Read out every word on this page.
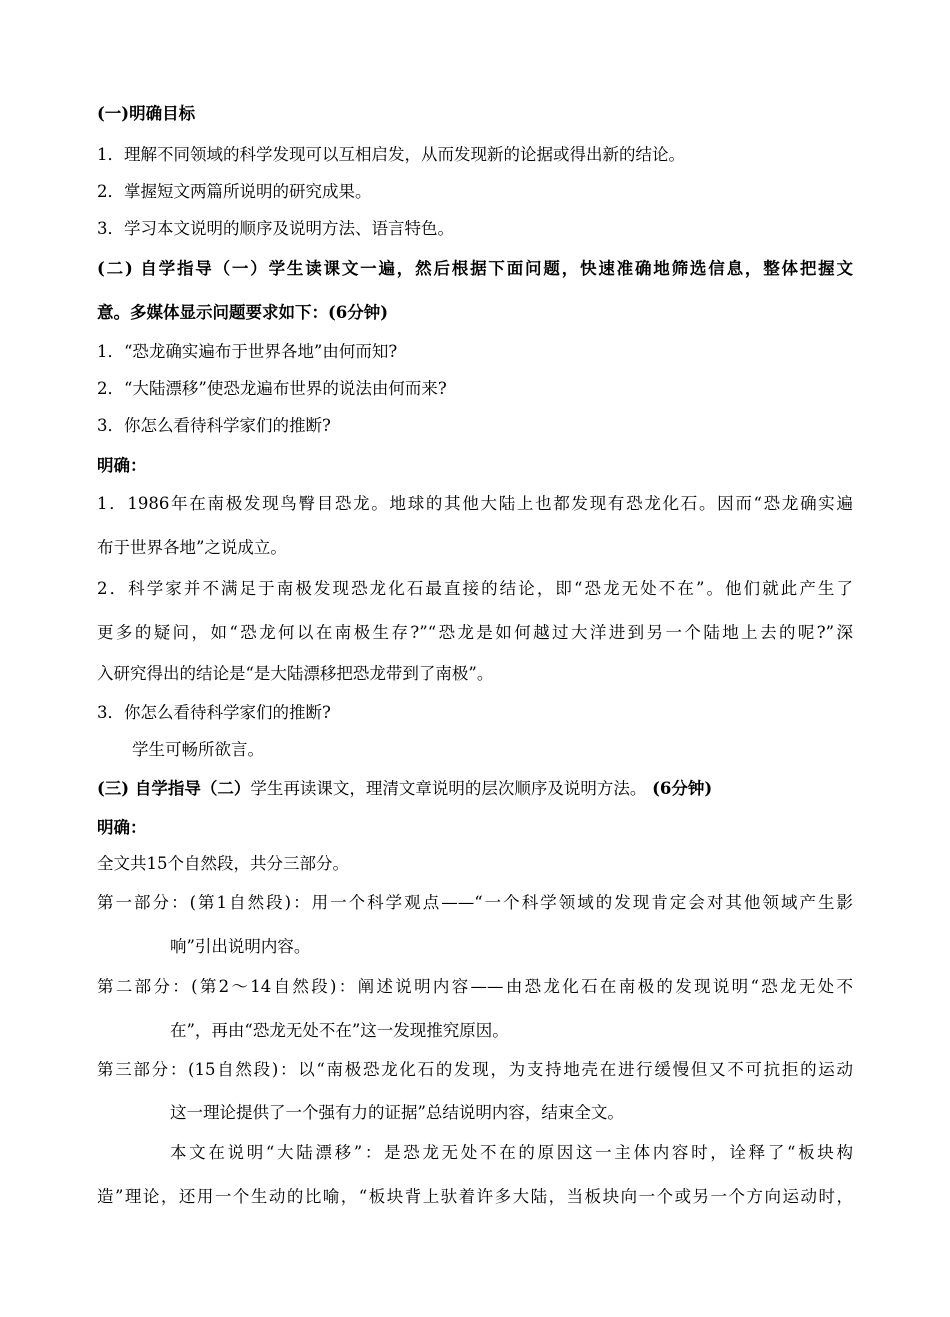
(一)明确目标
1．理解不同领域的科学发现可以互相启发，从而发现新的论据或得出新的结论。
2．掌握短文两篇所说明的研究成果。
3．学习本文说明的顺序及说明方法、语言特色。
(二) 自学指导（一）学生读课文一遍，然后根据下面问题，快速准确地筛选信息，整体把握文
意。多媒体显示问题要求如下：(6分钟)
1．“恐龙确实遍布于世界各地”由何而知?
2．“大陆漂移”使恐龙遍布世界的说法由何而来?
3．你怎么看待科学家们的推断?
明确：
1．1986年在南极发现鸟臀目恐龙。地球的其他大陆上也都发现有恐龙化石。因而“恐龙确实遍
布于世界各地”之说成立。
2．科学家并不满足于南极发现恐龙化石最直接的结论，即“恐龙无处不在”。他们就此产生了
更多的疑问，如“恐龙何以在南极生存?”“恐龙是如何越过大洋进到另一个陆地上去的呢?”深
入研究得出的结论是“是大陆漂移把恐龙带到了南极”。
3．你怎么看待科学家们的推断?
学生可畅所欲言。
(三) 自学指导（二）学生再读课文，理清文章说明的层次顺序及说明方法。 (6分钟)
明确：
全文共15个自然段，共分三部分。
第一部分：(第1自然段)：用一个科学观点——“一个科学领域的发现肯定会对其他领域产生影
响”引出说明内容。
第二部分：(第2～14自然段)：阐述说明内容——由恐龙化石在南极的发现说明“恐龙无处不
在”，再由“恐龙无处不在”这一发现推究原因。
第三部分：(15自然段)：以“南极恐龙化石的发现，为支持地壳在进行缓慢但又不可抗拒的运动
这一理论提供了一个强有力的证据”总结说明内容，结束全文。
本文在说明“大陆漂移”：是恐龙无处不在的原因这一主体内容时，诠释了“板块构
造”理论，还用一个生动的比喻，“板块背上驮着许多大陆，当板块向一个或另一个方向运动时，
